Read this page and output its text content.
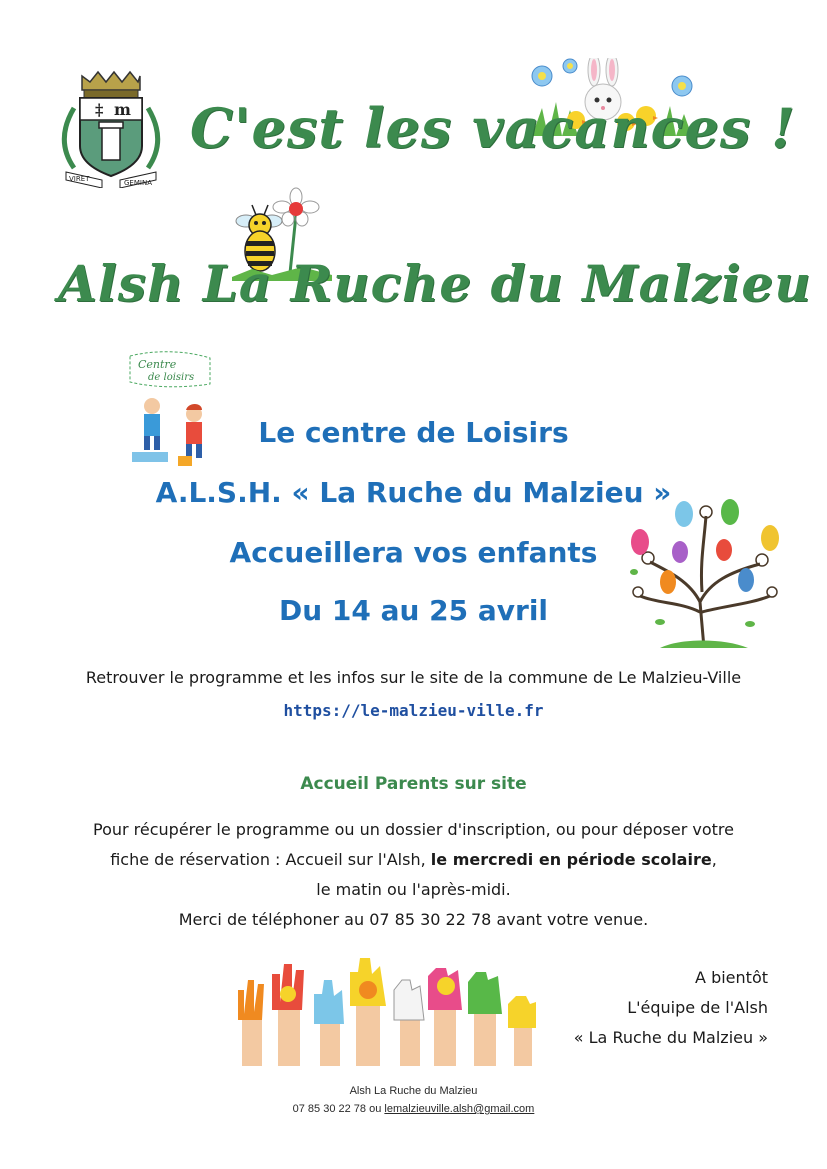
‡ m
VIRET	GEMINA
C'est les vacances !
Alsh La Ruche du Malzieu
Centre
de loisirs
Le centre de Loisirs
A.L.S.H. « La Ruche du Malzieu »
Accueillera vos enfants
Du 14 au 25 avril
Retrouver le programme et les infos sur le site de la commune de Le Malzieu-Ville
https://le-malzieu-ville.fr
Accueil Parents sur site
Pour récupérer le programme ou un dossier d'inscription, ou pour déposer votre
fiche de réservation : Accueil sur l'Alsh, le mercredi en période scolaire,
le matin ou l'après-midi.
Merci de téléphoner au 07 85 30 22 78 avant votre venue.
A bientôt
L'équipe de l'Alsh
« La Ruche du Malzieu »
Alsh La Ruche du Malzieu
07 85 30 22 78 ou lemalzieuville.alsh@gmail.com
